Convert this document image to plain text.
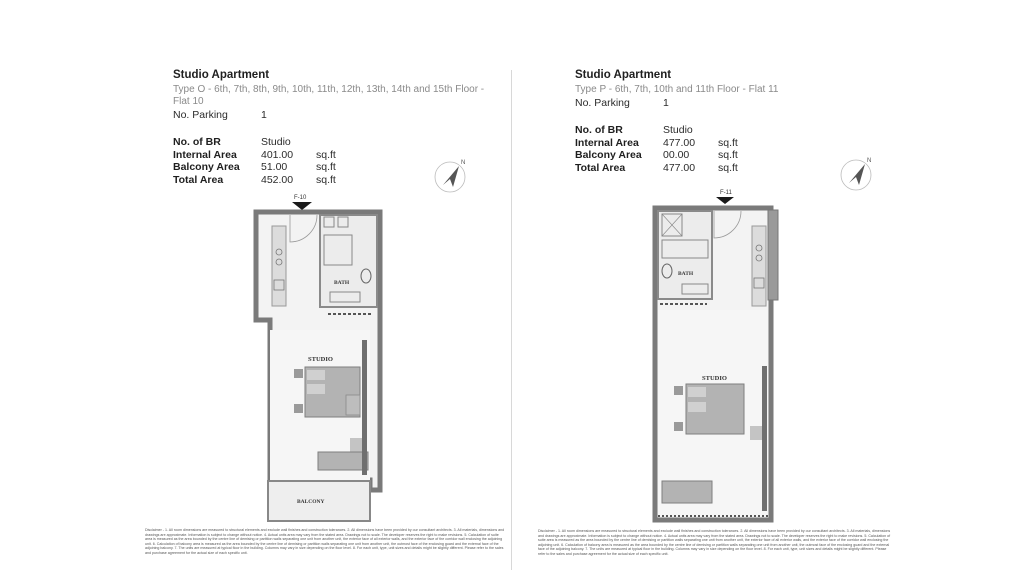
Studio Apartment
Type O - 6th, 7th, 8th, 9th, 10th, 11th, 12th, 13th, 14th and 15th Floor - Flat 10
No. Parking	1
No. of BR	Studio
Internal Area	401.00	sq.ft
Balcony Area	51.00	sq.ft
Total Area	452.00	sq.ft
N
F-10
BATH
STUDIO
BALCONY
Disclaimer - 1. All room dimensions are measured to structural elements and exclude wall finishes and construction tolerances. 2. All dimensions have been provided by our consultant architects. 3. All materials, dimensions and drawings are approximate. Information is subject to change without notice. 4. Actual units area may vary from the stated area. Drawings not to scale. The developer reserves the right to make revisions. 5. Calculation of suite area is measured as the area bounded by the centre line of demising or partition walls separating one unit from another unit, the exterior face of all exterior walls, and the exterior face of the corridor wall enclosing the adjoining unit. 6. Calculation of balcony area is measured as the area bounded by the centre line of demising or partition walls separating one unit from another unit, the outmost face of the enclosing guard and the external face of the adjoining balcony. 7. The units are measured at typical floor in the building. Columns may vary in size depending on the floor level. 8. For each unit, type, unit sizes and details might be slightly different. Please refer to the sales and purchase agreement for the actual size of each specific unit.
Studio Apartment
Type P - 6th, 7th, 10th and 11th Floor - Flat 11
No. Parking	1
No. of BR	Studio
Internal Area	477.00	sq.ft
Balcony Area	00.00	sq.ft
Total Area	477.00	sq.ft
N
F-11
BATH
STUDIO
Disclaimer - 1. All room dimensions are measured to structural elements and exclude wall finishes and construction tolerances. 2. All dimensions have been provided by our consultant architects. 3. All materials, dimensions and drawings are approximate. Information is subject to change without notice. 4. Actual units area may vary from the stated area. Drawings not to scale. The developer reserves the right to make revisions. 5. Calculation of suite area is measured as the area bounded by the centre line of demising or partition walls separating one unit from another unit, the exterior face of all exterior walls, and the exterior face of the corridor wall enclosing the adjoining unit. 6. Calculation of balcony area is measured as the area bounded by the centre line of demising or partition walls separating one unit from another unit, the outmost face of the enclosing guard and the external face of the adjoining balcony. 7. The units are measured at typical floor in the building. Columns may vary in size depending on the floor level. 8. For each unit, type, unit sizes and details might be slightly different. Please refer to the sales and purchase agreement for the actual size of each specific unit.
